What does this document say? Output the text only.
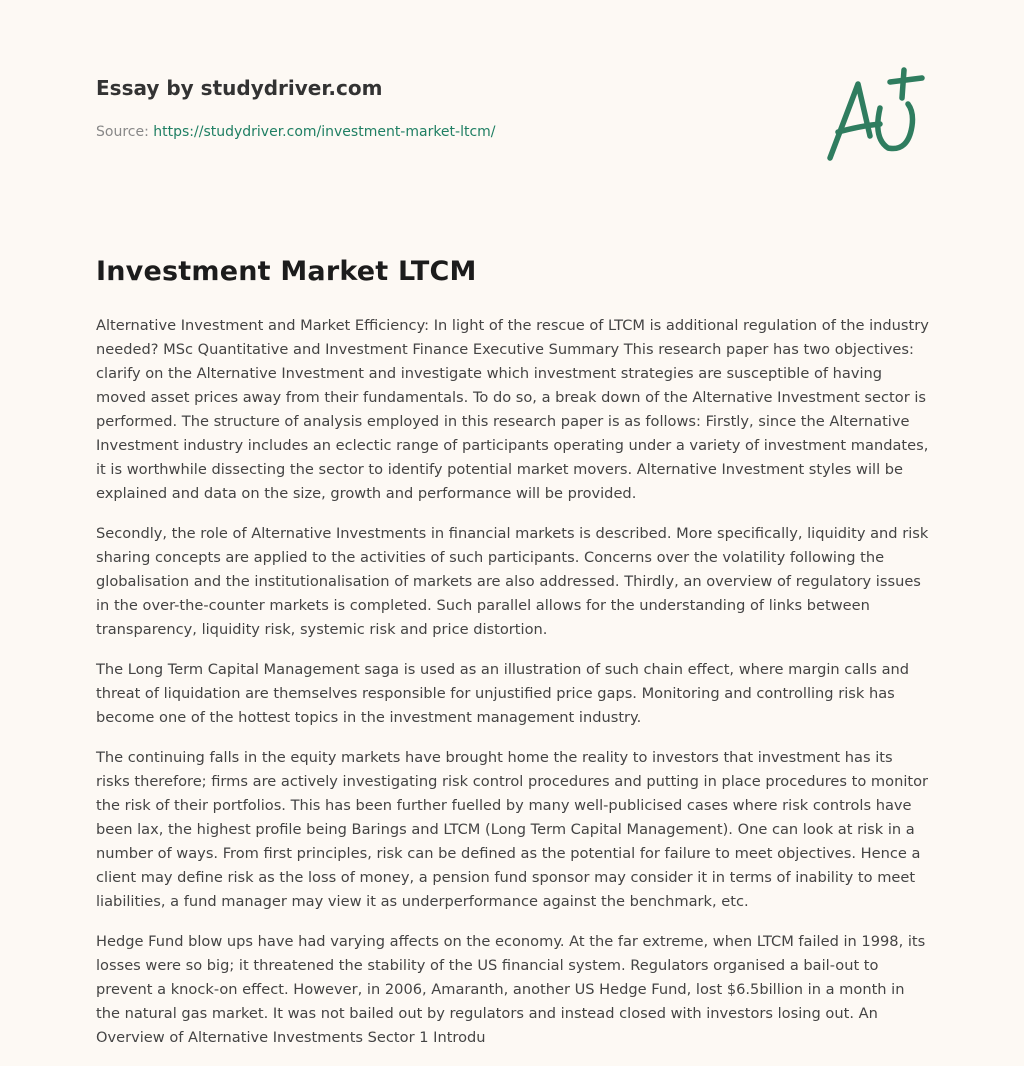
Essay by studydriver.com
Source: https://studydriver.com/investment-market-ltcm/
Investment Market LTCM

Alternative Investment and Market Efficiency: In light of the rescue of LTCM is additional regulation of the industry needed? MSc Quantitative and Investment Finance Executive Summary This research paper has two objectives: clarify on the Alternative Investment and investigate which investment strategies are susceptible of having moved asset prices away from their fundamentals. To do so, a break down of the Alternative Investment sector is performed. The structure of analysis employed in this research paper is as follows: Firstly, since the Alternative Investment industry includes an eclectic range of participants operating under a variety of investment mandates, it is worthwhile dissecting the sector to identify potential market movers. Alternative Investment styles will be explained and data on the size, growth and performance will be provided.

Secondly, the role of Alternative Investments in financial markets is described. More specifically, liquidity and risk sharing concepts are applied to the activities of such participants. Concerns over the volatility following the globalisation and the institutionalisation of markets are also addressed. Thirdly, an overview of regulatory issues in the over-the-counter markets is completed. Such parallel allows for the understanding of links between transparency, liquidity risk, systemic risk and price distortion.

The Long Term Capital Management saga is used as an illustration of such chain effect, where margin calls and threat of liquidation are themselves responsible for unjustified price gaps. Monitoring and controlling risk has become one of the hottest topics in the investment management industry.

The continuing falls in the equity markets have brought home the reality to investors that investment has its risks therefore; firms are actively investigating risk control procedures and putting in place procedures to monitor the risk of their portfolios. This has been further fuelled by many well-publicised cases where risk controls have been lax, the highest profile being Barings and LTCM (Long Term Capital Management). One can look at risk in a number of ways. From first principles, risk can be defined as the potential for failure to meet objectives. Hence a client may define risk as the loss of money, a pension fund sponsor may consider it in terms of inability to meet liabilities, a fund manager may view it as underperformance against the benchmark, etc.

Hedge Fund blow ups have had varying affects on the economy. At the far extreme, when LTCM failed in 1998, its losses were so big; it threatened the stability of the US financial system. Regulators organised a bail-out to prevent a knock-on effect. However, in 2006, Amaranth, another US Hedge Fund, lost $6.5billion in a month in the natural gas market. It was not bailed out by regulators and instead closed with investors losing out. An Overview of Alternative Investments Sector 1 Introdu
